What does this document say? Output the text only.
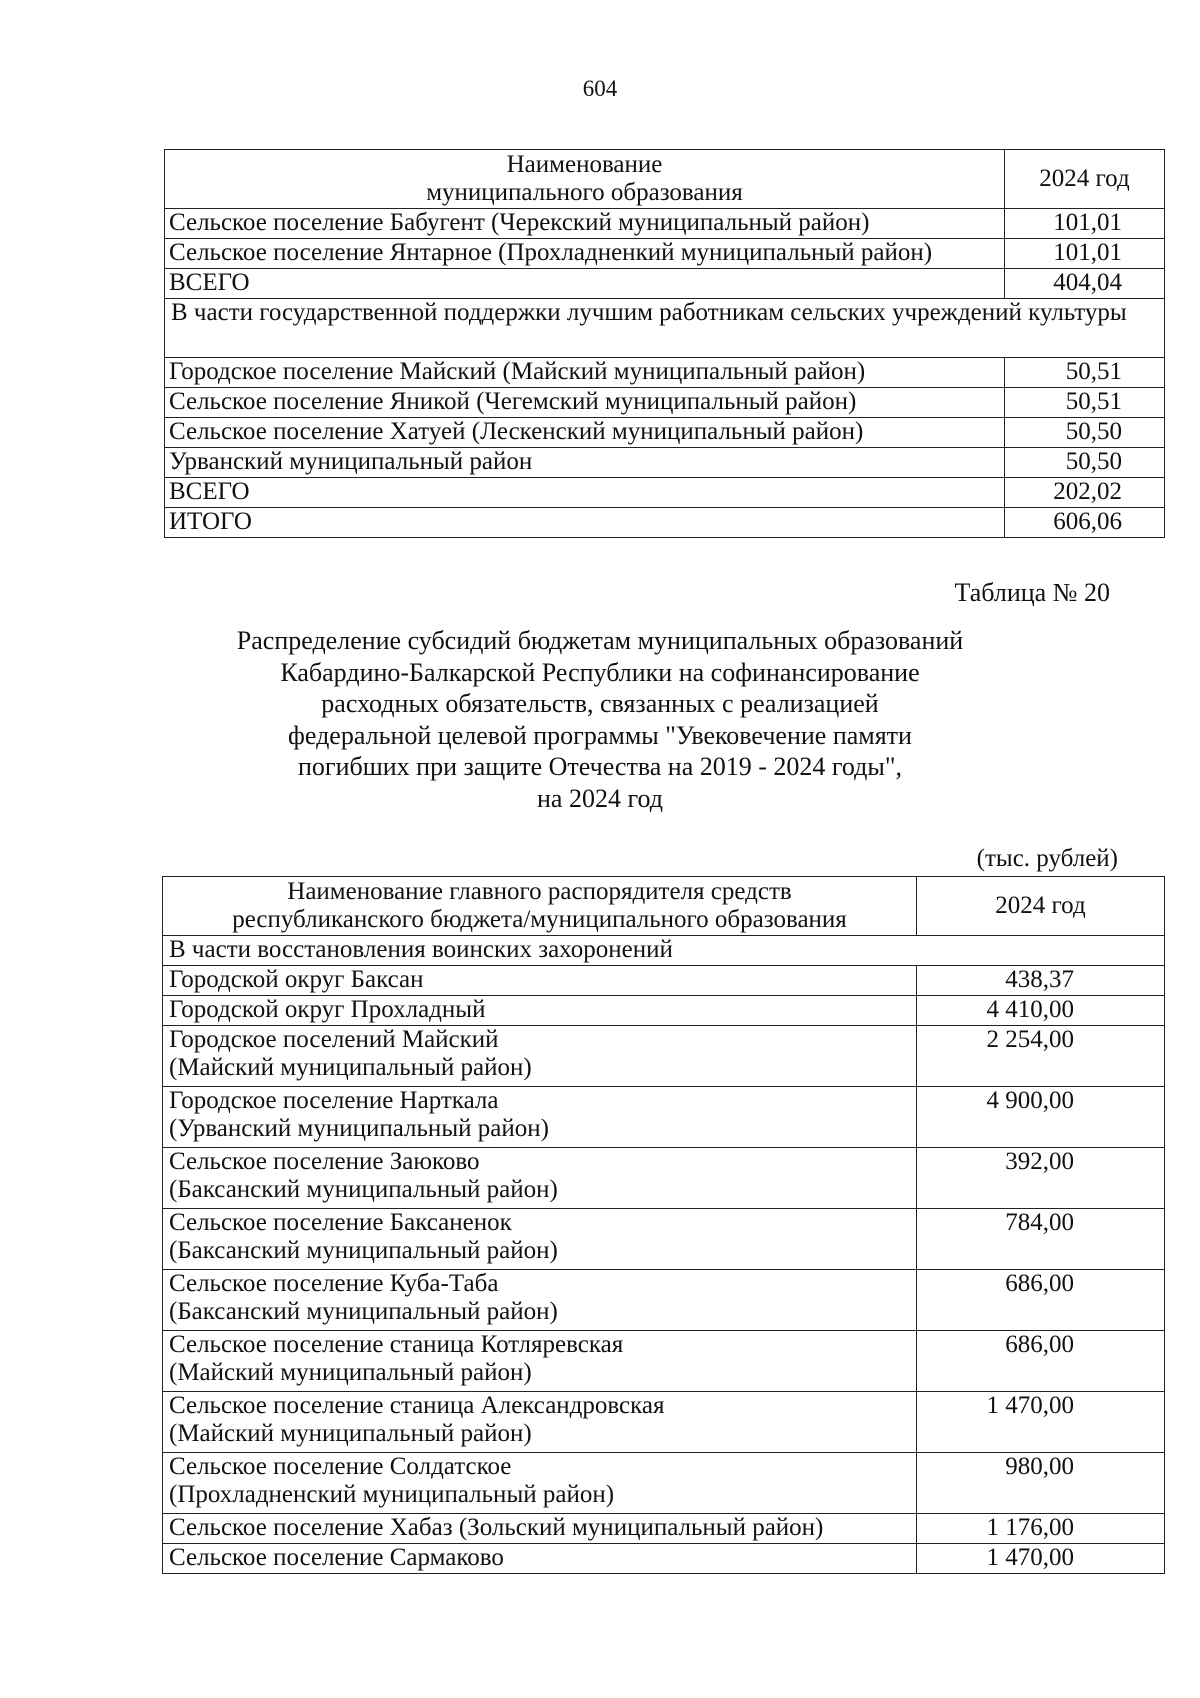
604
Наименование
муниципального образования	2024 год
Сельское поселение Бабугент (Черекский муниципальный район)	101,01
Сельское поселение Янтарное (Прохладненкий муниципальный район)	101,01
ВСЕГО	404,04
В части государственной поддержки лучшим работникам сельских учреждений культуры	
Городское поселение Майский (Майский муниципальный район)	50,51
Сельское поселение Яникой (Чегемский муниципальный район)	50,51
Сельское поселение Хатуей (Лескенский муниципальный район)	50,50
Урванский муниципальный район	50,50
ВСЕГО	202,02
ИТОГО	606,06
Таблица № 20
Распределение субсидий бюджетам муниципальных образований
Кабардино-Балкарской Республики на софинансирование
расходных обязательств, связанных с реализацией
федеральной целевой программы "Увековечение памяти
погибших при защите Отечества на 2019 - 2024 годы",
на 2024 год
(тыс. рублей)
Наименование главного распорядителя средств
республиканского бюджета/муниципального образования	2024 год
В части восстановления воинских захоронений	
Городской округ Баксан	438,37
Городской округ Прохладный	4 410,00

Городское поселений Майский
(Майский муниципальный район)	2 254,00

Городское поселение Нарткала
(Урванский муниципальный район)	4 900,00

Сельское поселение Заюково
(Баксанский муниципальный район)	392,00

Сельское поселение Баксаненок
(Баксанский муниципальный район)	784,00

Сельское поселение Куба-Таба
(Баксанский муниципальный район)	686,00

Сельское поселение станица Котляревская
(Майский муниципальный район)	686,00

Сельское поселение станица Александровская
(Майский муниципальный район)	1 470,00

Сельское поселение Солдатское
(Прохладненский муниципальный район)	980,00
Сельское поселение Хабаз (Зольский муниципальный район)	1 176,00
Сельское поселение Сармаково	1 470,00
